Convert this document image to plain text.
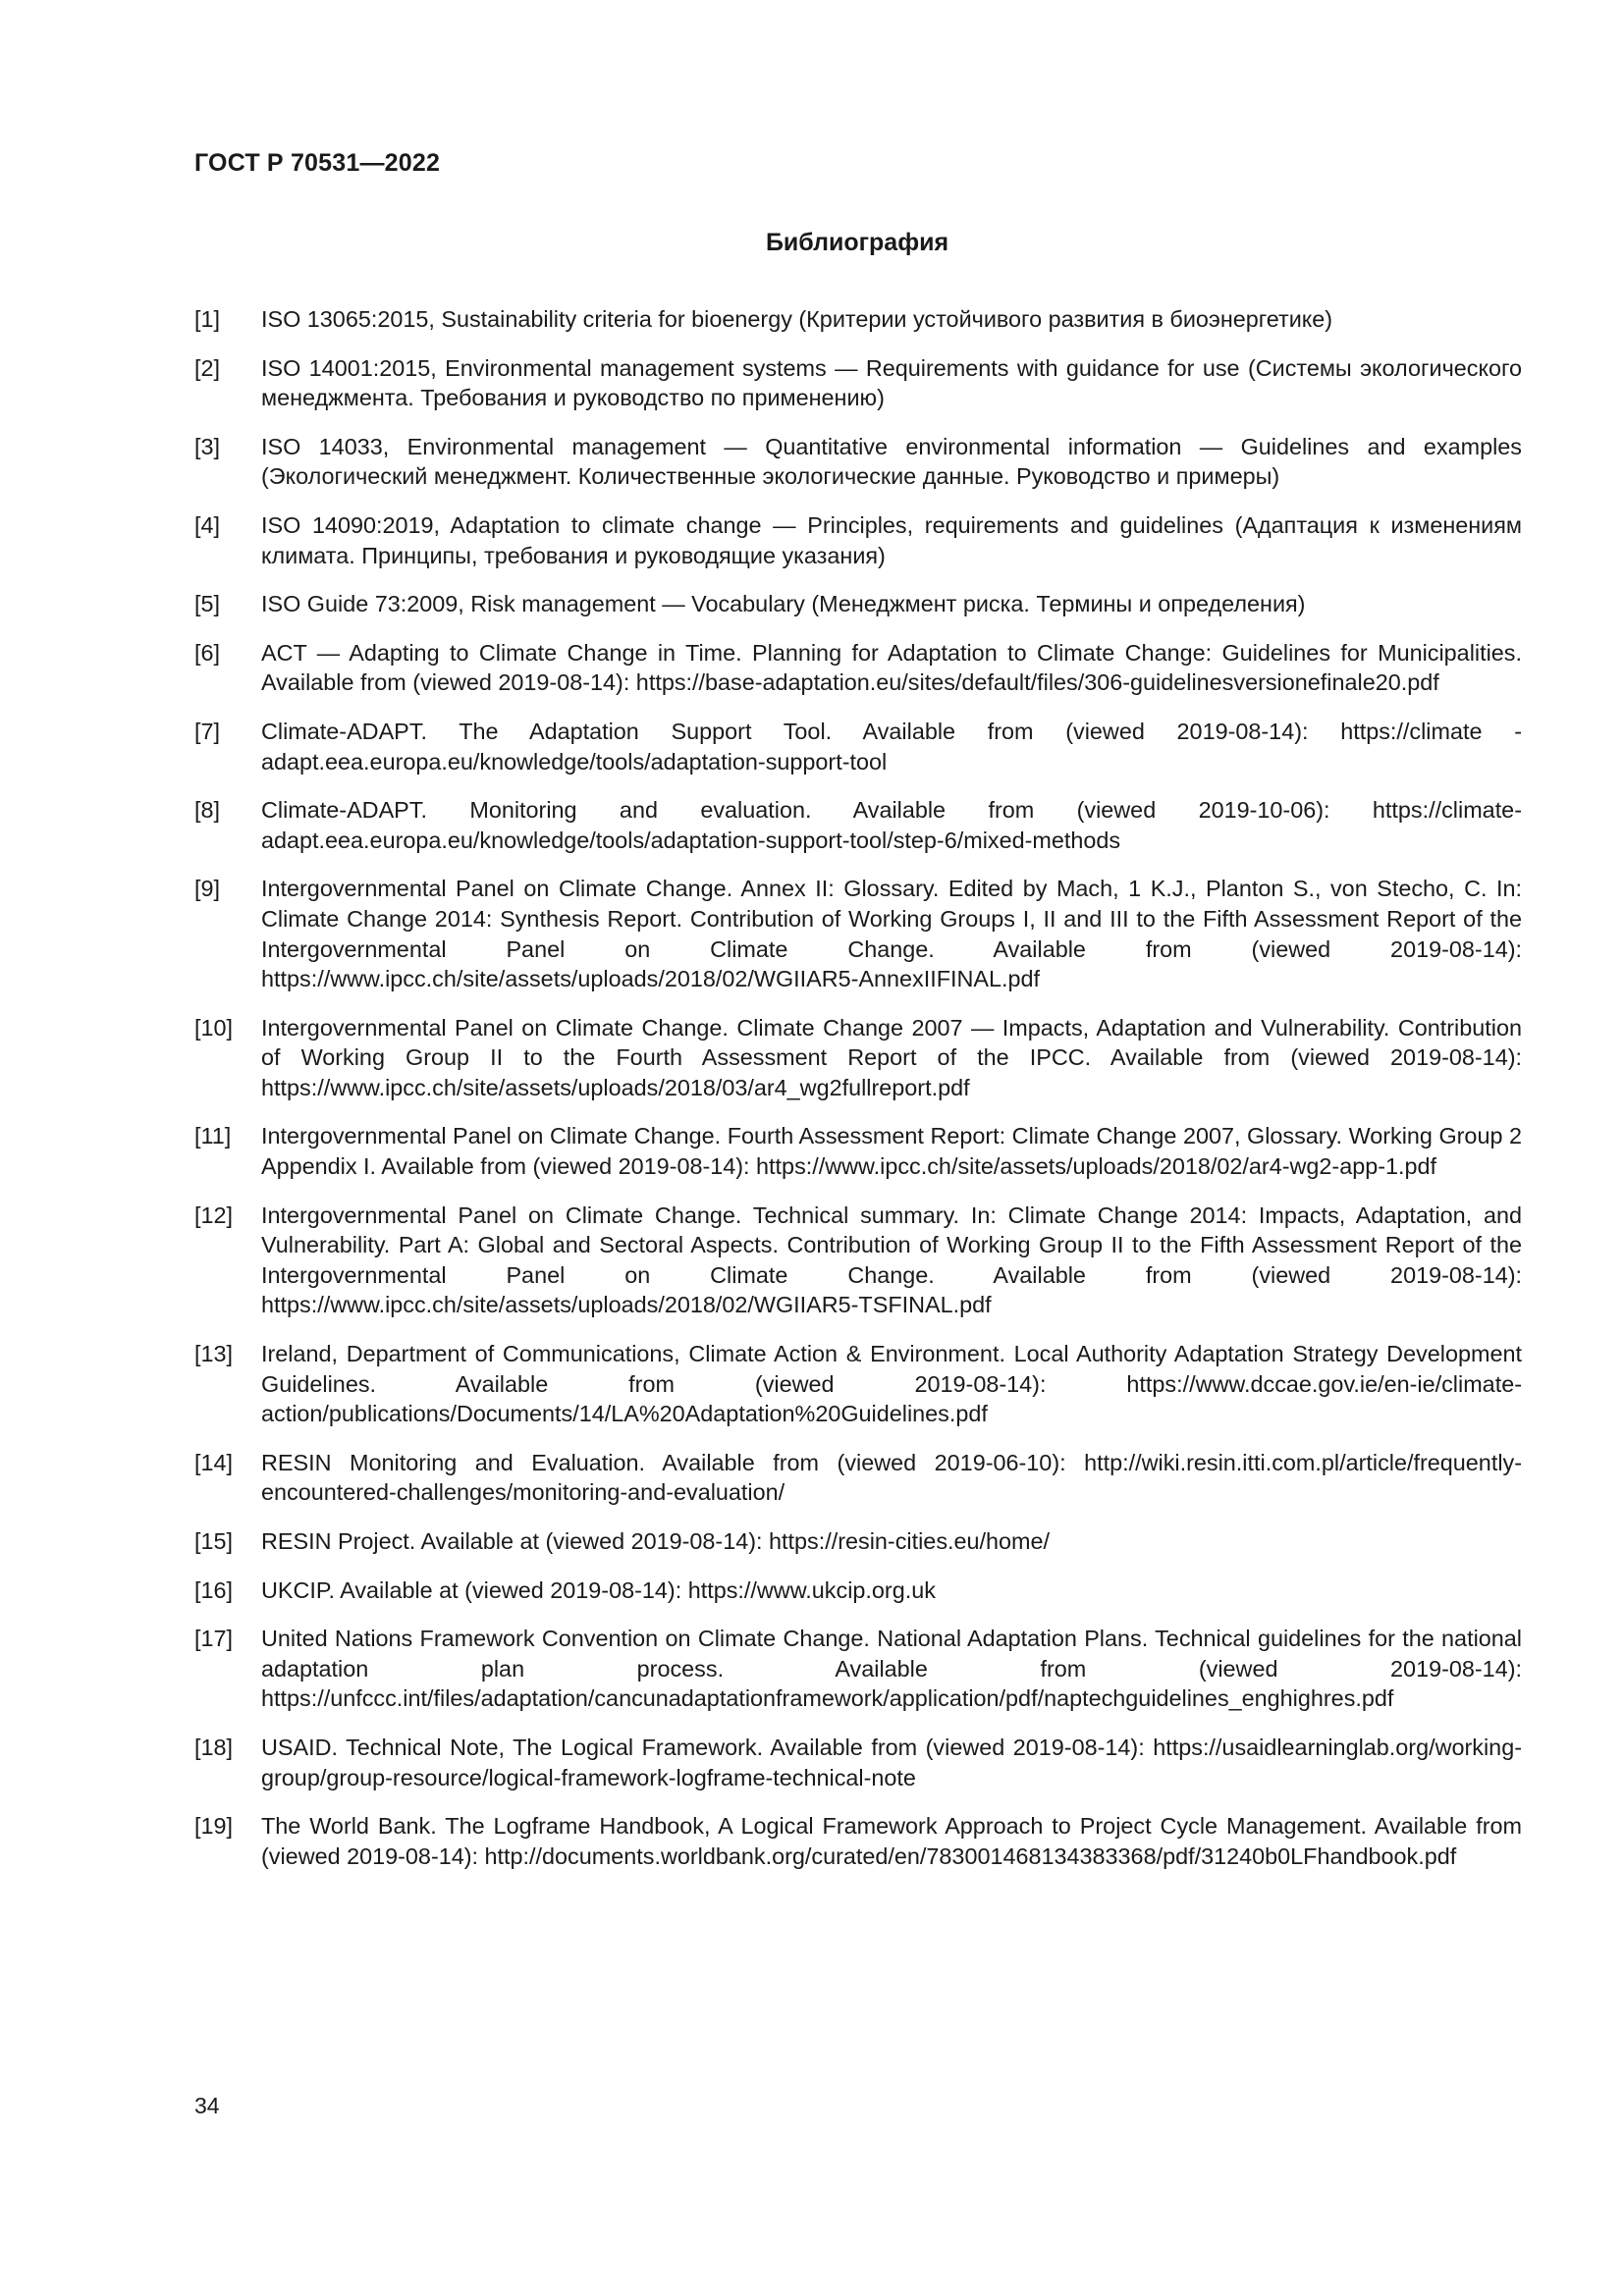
ГОСТ Р 70531—2022
Библиография
[1]	ISO 13065:2015, Sustainability criteria for bioenergy (Критерии устойчивого развития в биоэнергетике)
[2]	ISO 14001:2015, Environmental management systems — Requirements with guidance for use (Системы экологического менеджмента. Требования и руководство по применению)
[3]	ISO 14033, Environmental management — Quantitative environmental information — Guidelines and examples (Экологический менеджмент. Количественные экологические данные. Руководство и примеры)
[4]	ISO 14090:2019, Adaptation to climate change — Principles, requirements and guidelines (Адаптация к изменениям климата. Принципы, требования и руководящие указания)
[5]	ISO Guide 73:2009, Risk management — Vocabulary (Менеджмент риска. Термины и определения)
[6]	ACT — Adapting to Climate Change in Time. Planning for Adaptation to Climate Change: Guidelines for Municipalities. Available from (viewed 2019-08-14): https://base-adaptation.eu/sites/default/files/306-guidelinesversionefinale20.pdf
[7]	Climate-ADAPT. The Adaptation Support Tool. Available from (viewed 2019-08-14): https://climate -adapt.eea.europa.eu/knowledge/tools/adaptation-support-tool
[8]	Climate-ADAPT. Monitoring and evaluation. Available from (viewed 2019-10-06): https://climate-adapt.eea.europa.eu/knowledge/tools/adaptation-support-tool/step-6/mixed-methods
[9]	Intergovernmental Panel on Climate Change. Annex II: Glossary. Edited by Mach, 1 K.J., Planton S., von Stecho, C. In: Climate Change 2014: Synthesis Report. Contribution of Working Groups I, II and III to the Fifth Assessment Report of the Intergovernmental Panel on Climate Change. Available from (viewed 2019-08-14): https://www.ipcc.ch/site/assets/uploads/2018/02/WGIIAR5-AnnexIIFINAL.pdf
[10]	Intergovernmental Panel on Climate Change. Climate Change 2007 — Impacts, Adaptation and Vulnerability. Contribution of Working Group II to the Fourth Assessment Report of the IPCC. Available from (viewed 2019-08-14): https://www.ipcc.ch/site/assets/uploads/2018/03/ar4_wg2fullreport.pdf
[11]	Intergovernmental Panel on Climate Change. Fourth Assessment Report: Climate Change 2007, Glossary. Working Group 2 Appendix I. Available from (viewed 2019-08-14): https://www.ipcc.ch/site/assets/uploads/2018/02/ar4-wg2-app-1.pdf
[12]	Intergovernmental Panel on Climate Change. Technical summary. In: Climate Change 2014: Impacts, Adaptation, and Vulnerability. Part A: Global and Sectoral Aspects. Contribution of Working Group II to the Fifth Assessment Report of the Intergovernmental Panel on Climate Change. Available from (viewed 2019-08-14): https://www.ipcc.ch/site/assets/uploads/2018/02/WGIIAR5-TSFINAL.pdf
[13]	Ireland, Department of Communications, Climate Action & Environment. Local Authority Adaptation Strategy Development Guidelines. Available from (viewed 2019-08-14): https://www.dccae.gov.ie/en-ie/climate-action/publications/Documents/14/LA%20Adaptation%20Guidelines.pdf
[14]	RESIN Monitoring and Evaluation. Available from (viewed 2019-06-10): http://wiki.resin.itti.com.pl/article/frequently-encountered-challenges/monitoring-and-evaluation/
[15]	RESIN Project. Available at (viewed 2019-08-14): https://resin-cities.eu/home/
[16]	UKCIP. Available at (viewed 2019-08-14): https://www.ukcip.org.uk
[17]	United Nations Framework Convention on Climate Change. National Adaptation Plans. Technical guidelines for the national adaptation plan process. Available from (viewed 2019-08-14): https://unfccc.int/files/adaptation/cancunadaptationframework/application/pdf/naptechguidelines_enghighres.pdf
[18]	USAID. Technical Note, The Logical Framework. Available from (viewed 2019-08-14): https://usaidlearninglab.org/working-group/group-resource/logical-framework-logframe-technical-note
[19]	The World Bank. The Logframe Handbook, A Logical Framework Approach to Project Cycle Management. Available from (viewed 2019-08-14): http://documents.worldbank.org/curated/en/783001468134383368/pdf/31240b0LFhandbook.pdf
34
